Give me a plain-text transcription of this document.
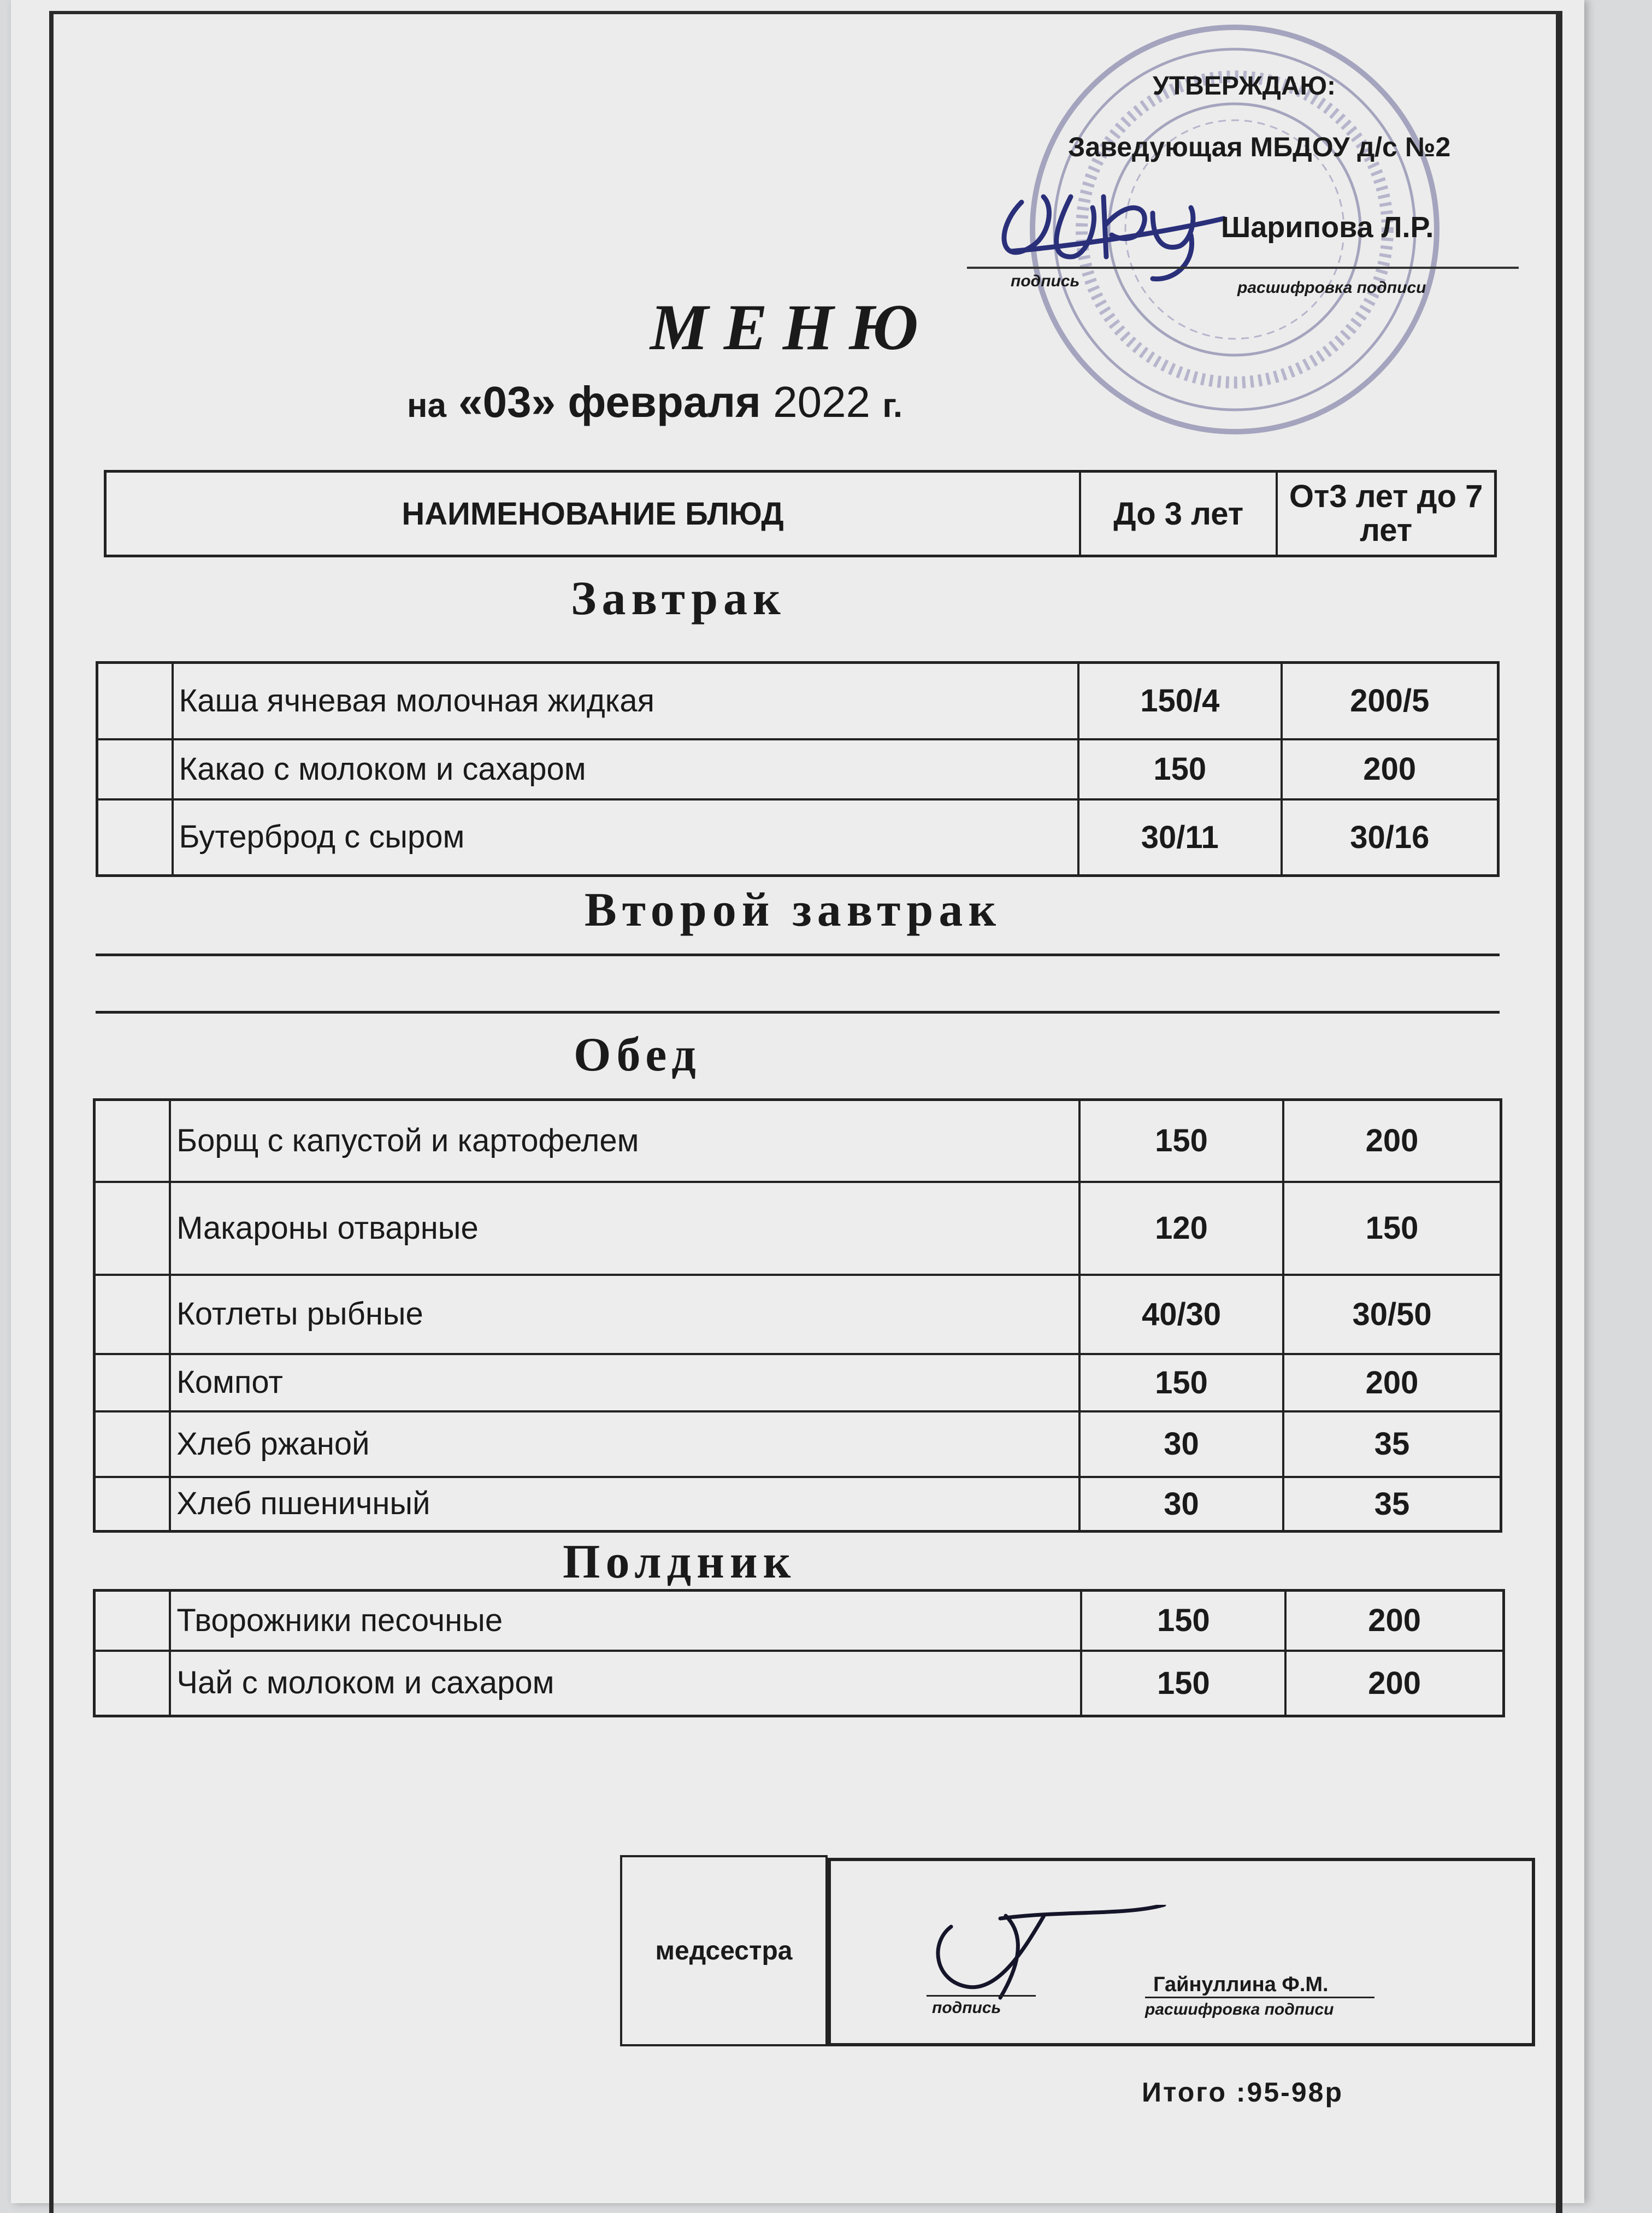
УТВЕРЖДАЮ:
Заведующая МБДОУ д/с №2
Шарипова Л.Р.
подпись	расшифровка подписи
МЕНЮ
на «03» февраля 2022 г.
НАИМЕНОВАНИЕ БЛЮД	До 3 лет	От3 лет до 7 лет
Завтрак
	Каша ячневая молочная жидкая	150/4	200/5
	Какао с молоком и сахаром	150	200
	Бутерброд с сыром	30/11	30/16
Второй завтрак
Обед
	Борщ с капустой и картофелем	150	200
	Макароны отварные	120	150
	Котлеты рыбные	40/30	30/50
	Компот	150	200
	Хлеб ржаной	30	35
	Хлеб пшеничный	30	35
Полдник
	Творожники песочные	150	200
	Чай с молоком и сахаром	150	200
медсестра
подпись
Гайнуллина Ф.М.
расшифровка подписи
Итого :95-98р
